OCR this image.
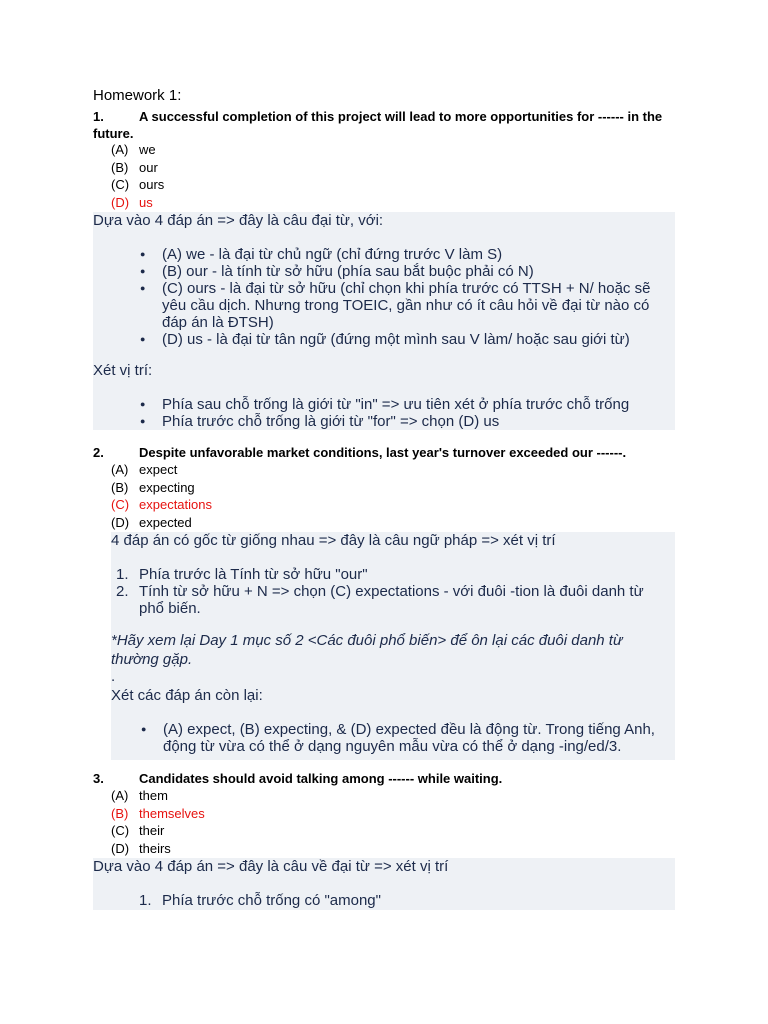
Homework 1:
1.	A successful completion of this project will lead to more opportunities for ------ in the future.
(A) we
(B) our
(C) ours
(D) us

Dựa vào 4 đáp án => đây là câu đại từ, với:

● (A) we - là đại từ chủ ngữ (chỉ đứng trước V làm S)
● (B) our - là tính từ sở hữu (phía sau bắt buộc phải có N)
● (C) ours - là đại từ sở hữu (chỉ chọn khi phía trước có TTSH + N/ hoặc sẽ yêu cầu dịch. Nhưng trong TOEIC, gần như có ít câu hỏi về đại từ nào có đáp án là ĐTSH)
● (D) us - là đại từ tân ngữ (đứng một mình sau V làm/ hoặc sau giới từ)

Xét vị trí:

● Phía sau chỗ trống là giới từ "in" => ưu tiên xét ở phía trước chỗ trống
● Phía trước chỗ trống là giới từ "for" => chọn (D) us
2.	Despite unfavorable market conditions, last year's turnover exceeded our ------.
(A) expect
(B) expecting
(C) expectations
(D) expected

4 đáp án có gốc từ giống nhau => đây là câu ngữ pháp => xét vị trí

1. Phía trước là Tính từ sở hữu "our"
2. Tính từ sở hữu + N => chọn (C) expectations - với đuôi -tion là đuôi danh từ phổ biến.

*Hãy xem lại Day 1 mục số 2 <Các đuôi phổ biến> để ôn lại các đuôi danh từ thường gặp.

.

Xét các đáp án còn lại:

● (A) expect, (B) expecting, & (D) expected đều là động từ. Trong tiếng Anh, động từ vừa có thể ở dạng nguyên mẫu vừa có thể ở dạng -ing/ed/3.
3.	Candidates should avoid talking among ------ while waiting.
(A) them
(B) themselves
(C) their
(D) theirs

Dựa vào 4 đáp án => đây là câu về đại từ => xét vị trí

1. Phía trước chỗ trống có "among"
